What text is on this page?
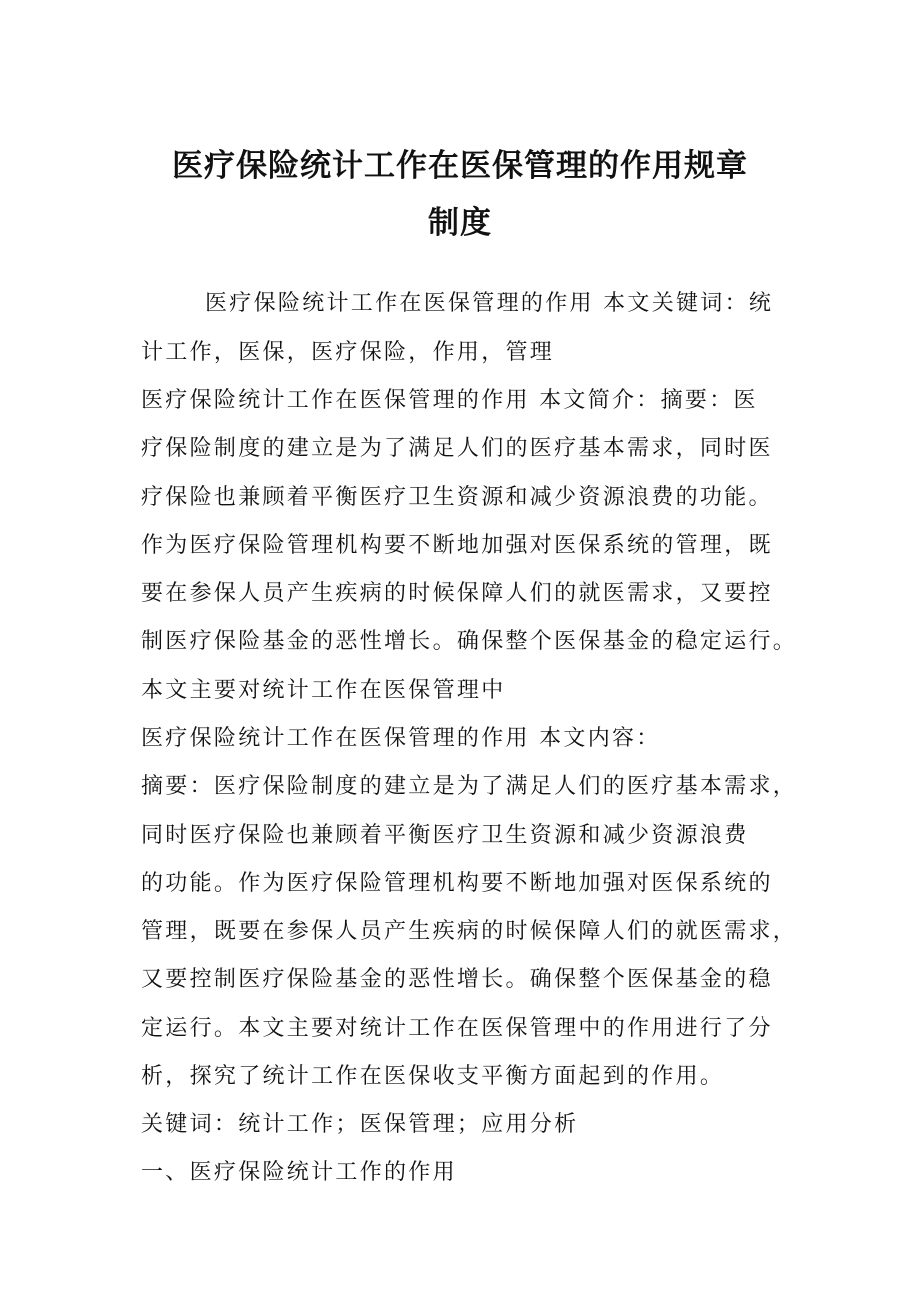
医疗保险统计工作在医保管理的作用规章
制度
医疗保险统计工作在医保管理的作用 本文关键词：统
计工作，医保，医疗保险，作用，管理
医疗保险统计工作在医保管理的作用 本文简介：摘要：医
疗保险制度的建立是为了满足人们的医疗基本需求，同时医
疗保险也兼顾着平衡医疗卫生资源和减少资源浪费的功能。
作为医疗保险管理机构要不断地加强对医保系统的管理，既
要在参保人员产生疾病的时候保障人们的就医需求，又要控
制医疗保险基金的恶性增长。确保整个医保基金的稳定运行。
本文主要对统计工作在医保管理中
医疗保险统计工作在医保管理的作用 本文内容：
摘要：医疗保险制度的建立是为了满足人们的医疗基本需求，
同时医疗保险也兼顾着平衡医疗卫生资源和减少资源浪费
的功能。作为医疗保险管理机构要不断地加强对医保系统的
管理，既要在参保人员产生疾病的时候保障人们的就医需求，
又要控制医疗保险基金的恶性增长。确保整个医保基金的稳
定运行。本文主要对统计工作在医保管理中的作用进行了分
析，探究了统计工作在医保收支平衡方面起到的作用。
关键词：统计工作；医保管理；应用分析
一、医疗保险统计工作的作用
